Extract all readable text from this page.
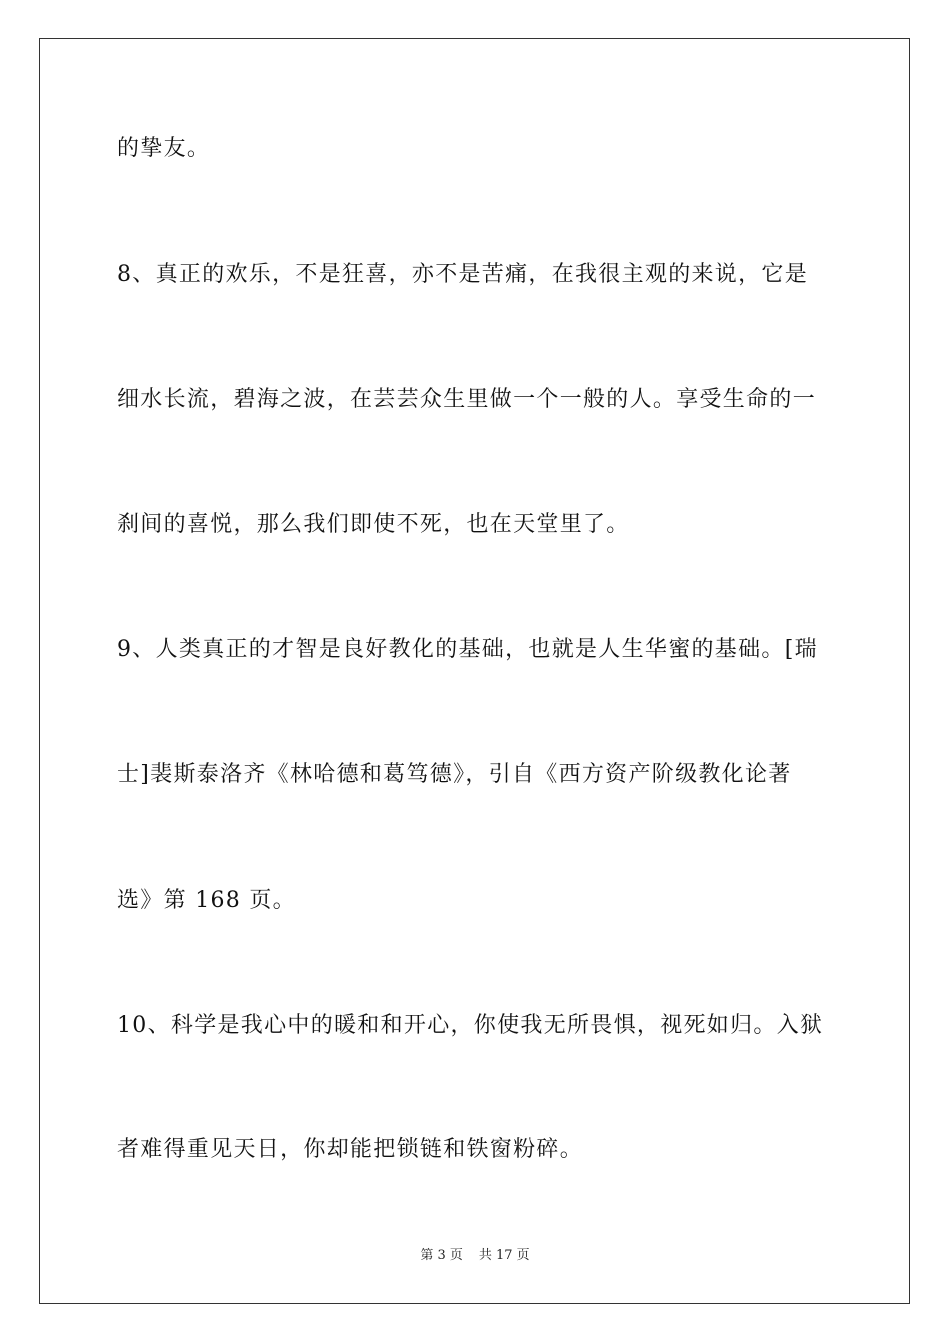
的挚友。
8、真正的欢乐，不是狂喜，亦不是苦痛，在我很主观的来说，它是
细水长流，碧海之波，在芸芸众生里做一个一般的人。享受生命的一
刹间的喜悦，那么我们即使不死，也在天堂里了。
9、人类真正的才智是良好教化的基础，也就是人生华蜜的基础。[瑞
士]裴斯泰洛齐《林哈德和葛笃德》，引自《西方资产阶级教化论著
选》第 168 页。
10、科学是我心中的暖和和开心，你使我无所畏惧，视死如归。入狱
者难得重见天日，你却能把锁链和铁窗粉碎。
第 3 页 共 17 页
